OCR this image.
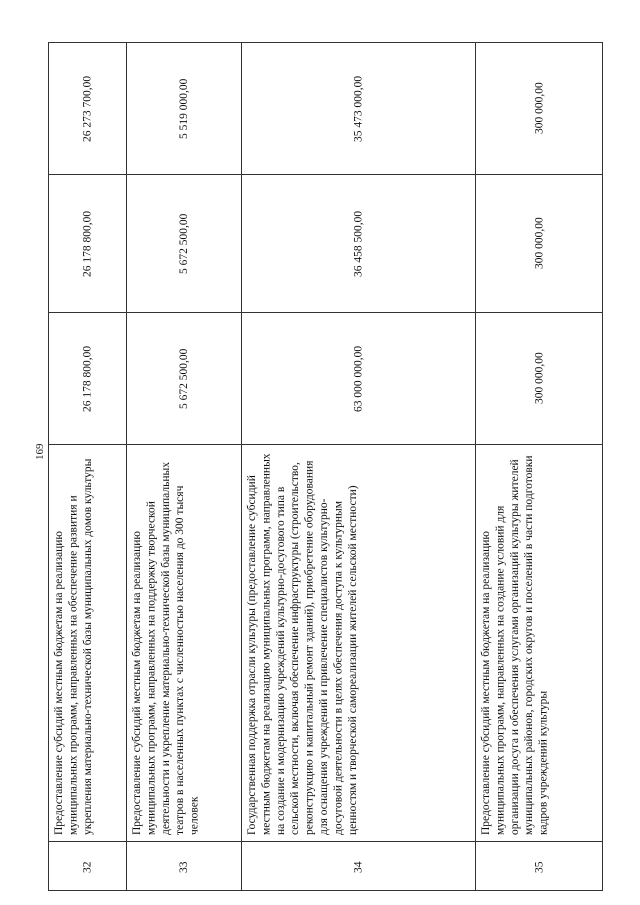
169
26 273 700,00
26 178 800,00
26 178 800,00
Предоставление субсидий местным бюджетам на реализацию муниципальных программ, направленных на обеспечение развития и укрепления материально-технической базы муниципальных домов культуры
32
5 519 000,00
5 672 500,00
5 672 500,00
Предоставление субсидий местным бюджетам на реализацию муниципальных программ, направленных на поддержку творческой деятельности и укрепление материально-технической базы муниципальных театров в населенных пунктах с численностью населения до 300 тысяч человек
33
35 473 000,00
36 458 500,00
63 000 000,00
Государственная поддержка отрасли культуры (предоставление субсидий местным бюджетам на реализацию муниципальных программ, направленных на создание и модернизацию учреждений культурно-досугового типа в сельской местности, включая обеспечение инфраструктуры (строительство, реконструкцию и капитальный ремонт зданий), приобретение оборудования для оснащения учреждений и привлечение специалистов культурно-досуговой деятельности в целях обеспечения доступа к культурным ценностям и творческой самореализации жителей сельской местности)
34
300 000,00
300 000,00
300 000,00
Предоставление субсидий местным бюджетам на реализацию муниципальных программ, направленных на создание условий для организации досуга и обеспечения услугами организаций культуры жителей муниципальных районов, городских округов и поселений в части подготовки кадров учреждений культуры
35
